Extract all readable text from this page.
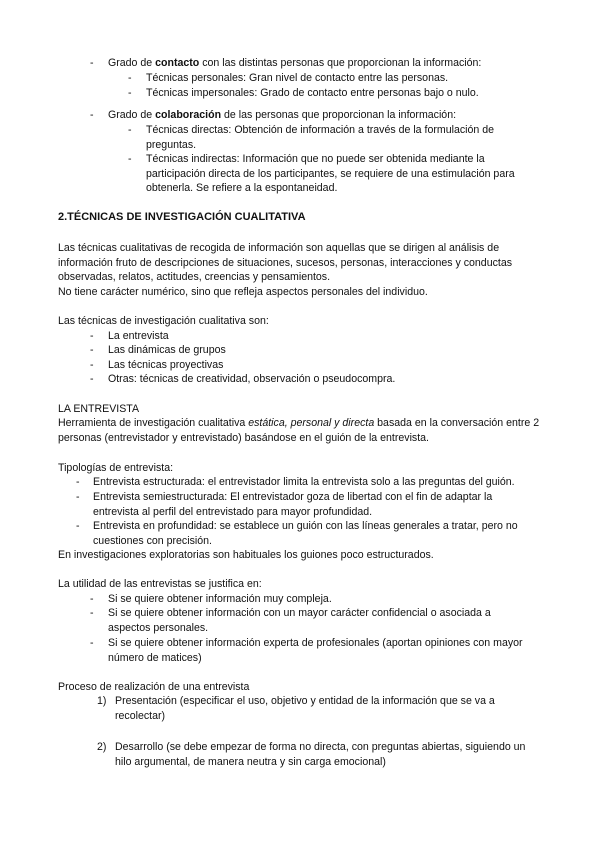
- Grado de contacto con las distintas personas que proporcionan la información:

- Técnicas personales: Gran nivel de contacto entre las personas.

- Técnicas impersonales: Grado de contacto entre personas bajo o nulo.

- Grado de colaboración de las personas que proporcionan la información:

- Técnicas directas: Obtención de información a través de la formulación de preguntas.

- Técnicas indirectas: Información que no puede ser obtenida mediante la participación directa de los participantes, se requiere de una estimulación para obtenerla. Se refiere a la espontaneidad.

2.TÉCNICAS DE INVESTIGACIÓN CUALITATIVA

Las técnicas cualitativas de recogida de información son aquellas que se dirigen al análisis de información fruto de descripciones de situaciones, sucesos, personas, interacciones y conductas observadas, relatos, actitudes, creencias y pensamientos.

No tiene carácter numérico, sino que refleja aspectos personales del individuo.

Las técnicas de investigación cualitativa son:

- La entrevista

- Las dinámicas de grupos

- Las técnicas proyectivas

- Otras: técnicas de creatividad, observación o pseudocompra.

LA ENTREVISTA

Herramienta de investigación cualitativa estática, personal y directa basada en la conversación entre 2 personas (entrevistador y entrevistado) basándose en el guión de la entrevista.

Tipologías de entrevista:

- Entrevista estructurada: el entrevistador limita la entrevista solo a las preguntas del guión.

- Entrevista semiestructurada: El entrevistador goza de libertad con el fin de adaptar la entrevista al perfil del entrevistado para mayor profundidad.

- Entrevista en profundidad: se establece un guión con las líneas generales a tratar, pero no cuestiones con precisión.

En investigaciones exploratorias son habituales los guiones poco estructurados.

La utilidad de las entrevistas se justifica en:

- Si se quiere obtener información muy compleja.

- Si se quiere obtener información con un mayor carácter confidencial o asociada a aspectos personales.

- Si se quiere obtener información experta de profesionales (aportan opiniones con mayor número de matices)

Proceso de realización de una entrevista

1) Presentación (especificar el uso, objetivo y entidad de la información que se va a recolectar)

2) Desarrollo (se debe empezar de forma no directa, con preguntas abiertas, siguiendo un hilo argumental, de manera neutra y sin carga emocional)
